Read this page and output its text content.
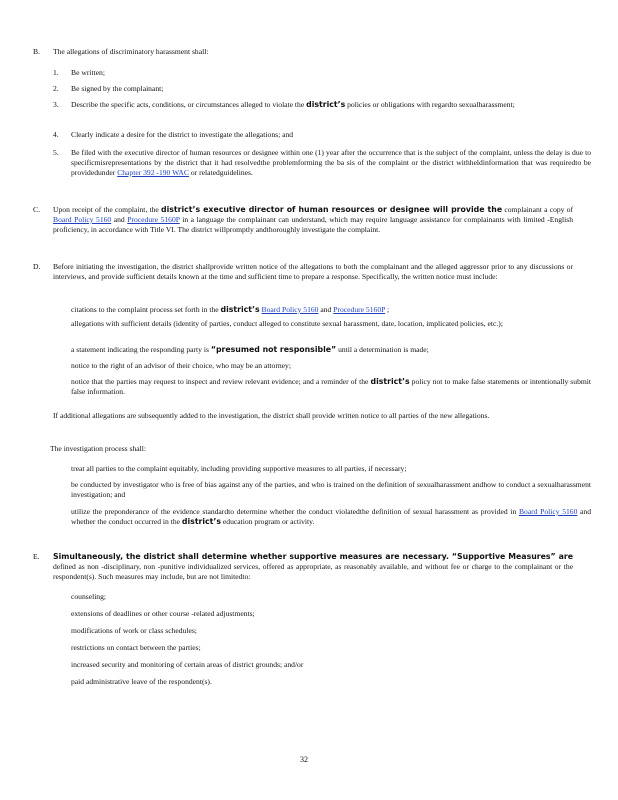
B. The allegations of discriminatory harassment shall:
1. Be written;
2. Be signed by the complainant;
3. Describe the specific acts, conditions, or circumstances alleged to violate the district’s policies or obligations with regardto sexualharassment;
4. Clearly indicate a desire for the district to investigate the allegations; and
5. Be filed with the executive director of human resources or designee within one (1) year after the occurrence that is the subject of the complaint, unless the delay is due to specificmisrepresentations by the district that it had resolvedthe problemforming the ba sis of the complaint or the district withheldinformation that was requiredto be providedunder Chapter 392 -190 WAC or relatedguidelines.
C. Upon receipt of the complaint, the district’s executive director of human resources or designee will provide the complainant a copy of Board Policy 5160 and Procedure 5160P in a language the complainant can understand, which may require language assistance for complainants with limited -English proficiency, in accordance with Title VI. The district willpromptly andthoroughly investigate the complaint.
D. Before initiating the investigation, the district shallprovide written notice of the allegations to both the complainant and the alleged aggressor prior to any discussions or interviews, and provide sufficient details known at the time and sufficient time to prepare a response. Specifically, the written notice must include:
citations to the complaint process set forth in the district’s Board Policy 5160 and Procedure 5160P ;
allegations with sufficient details (identity of parties, conduct alleged to constitute sexual harassment, date, location, implicated policies, etc.);
a statement indicating the responding party is “presumed not responsible” until a determination is made;
notice to the right of an advisor of their choice, who may be an attorney;
notice that the parties may request to inspect and review relevant evidence; and a reminder of the district’s policy not to make false statements or intentionally submit false information.
If additional allegations are subsequently added to the investigation, the district shall provide written notice to all parties of the new allegations.
The investigation process shall:
treat all parties to the complaint equitably, including providing supportive measures to all parties, if necessary;
be conducted by investigator who is free of bias against any of the parties, and who is trained on the definition of sexualharassment andhow to conduct a sexualharassment investigation; and
utilize the preponderance of the evidence standardto determine whether the conduct violatedthe definition of sexual harassment as provided in Board Policy 5160 and whether the conduct occurred in the district’s education program or activity.
E. Simultaneously, the district shall determine whether supportive measures are necessary. “Supportive Measures” are defined as non -disciplinary, non -punitive individualized services, offered as appropriate, as reasonably available, and without fee or charge to the complainant or the respondent(s). Such measures may include, but are not limitedto:
counseling;
extensions of deadlines or other course -related adjustments;
modifications of work or class schedules;
restrictions on contact between the parties;
increased security and monitoring of certain areas of district grounds; and/or
paid administrative leave of the respondent(s).
32
